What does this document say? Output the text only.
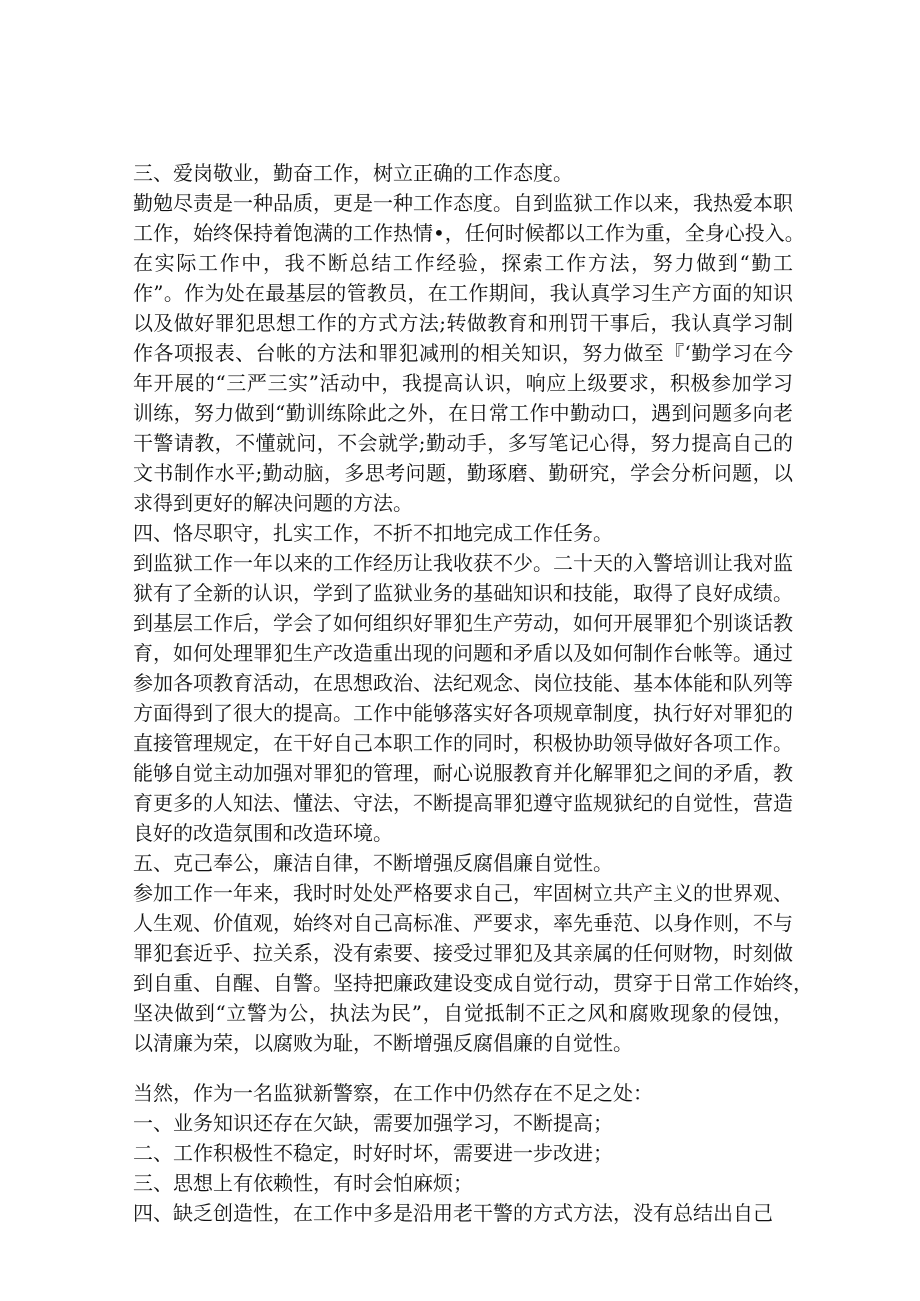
三、爱岗敬业，勤奋工作，树立正确的工作态度。
勤勉尽责是一种品质，更是一种工作态度。自到监狱工作以来，我热爱本职
工作，始终保持着饱满的工作热情•，任何时候都以工作为重，全身心投入。
在实际工作中，我不断总结工作经验，探索工作方法，努力做到“勤工
作”。作为处在最基层的管教员，在工作期间，我认真学习生产方面的知识
以及做好罪犯思想工作的方式方法;转做教育和刑罚干事后，我认真学习制
作各项报表、台帐的方法和罪犯减刑的相关知识，努力做至『‘勤学习在今
年开展的“三严三实”活动中，我提高认识，响应上级要求，积极参加学习
训练，努力做到“勤训练除此之外，在日常工作中勤动口，遇到问题多向老
干警请教，不懂就问，不会就学;勤动手，多写笔记心得，努力提高自己的
文书制作水平;勤动脑，多思考问题，勤琢磨、勤研究，学会分析问题，以
求得到更好的解决问题的方法。
四、恪尽职守，扎实工作，不折不扣地完成工作任务。
到监狱工作一年以来的工作经历让我收获不少。二十天的入警培训让我对监
狱有了全新的认识，学到了监狱业务的基础知识和技能，取得了良好成绩。
到基层工作后，学会了如何组织好罪犯生产劳动，如何开展罪犯个别谈话教
育，如何处理罪犯生产改造重出现的问题和矛盾以及如何制作台帐等。通过
参加各项教育活动，在思想政治、法纪观念、岗位技能、基本体能和队列等
方面得到了很大的提高。工作中能够落实好各项规章制度，执行好对罪犯的
直接管理规定，在干好自己本职工作的同时，积极协助领导做好各项工作。
能够自觉主动加强对罪犯的管理，耐心说服教育并化解罪犯之间的矛盾，教
育更多的人知法、懂法、守法，不断提高罪犯遵守监规狱纪的自觉性，营造
良好的改造氛围和改造环境。
五、克己奉公，廉洁自律，不断增强反腐倡廉自觉性。
参加工作一年来，我时时处处严格要求自己，牢固树立共产主义的世界观、
人生观、价值观，始终对自己高标准、严要求，率先垂范、以身作则，不与
罪犯套近乎、拉关系，没有索要、接受过罪犯及其亲属的任何财物，时刻做
到自重、自醒、自警。坚持把廉政建设变成自觉行动，贯穿于日常工作始终，
坚决做到“立警为公，执法为民”，自觉抵制不正之风和腐败现象的侵蚀，
以清廉为荣，以腐败为耻，不断增强反腐倡廉的自觉性。
当然，作为一名监狱新警察，在工作中仍然存在不足之处：
一、业务知识还存在欠缺，需要加强学习，不断提高；
二、工作积极性不稳定，时好时坏，需要进一步改进；
三、思想上有依赖性，有时会怕麻烦；
四、缺乏创造性，在工作中多是沿用老干警的方式方法，没有总结出自己
